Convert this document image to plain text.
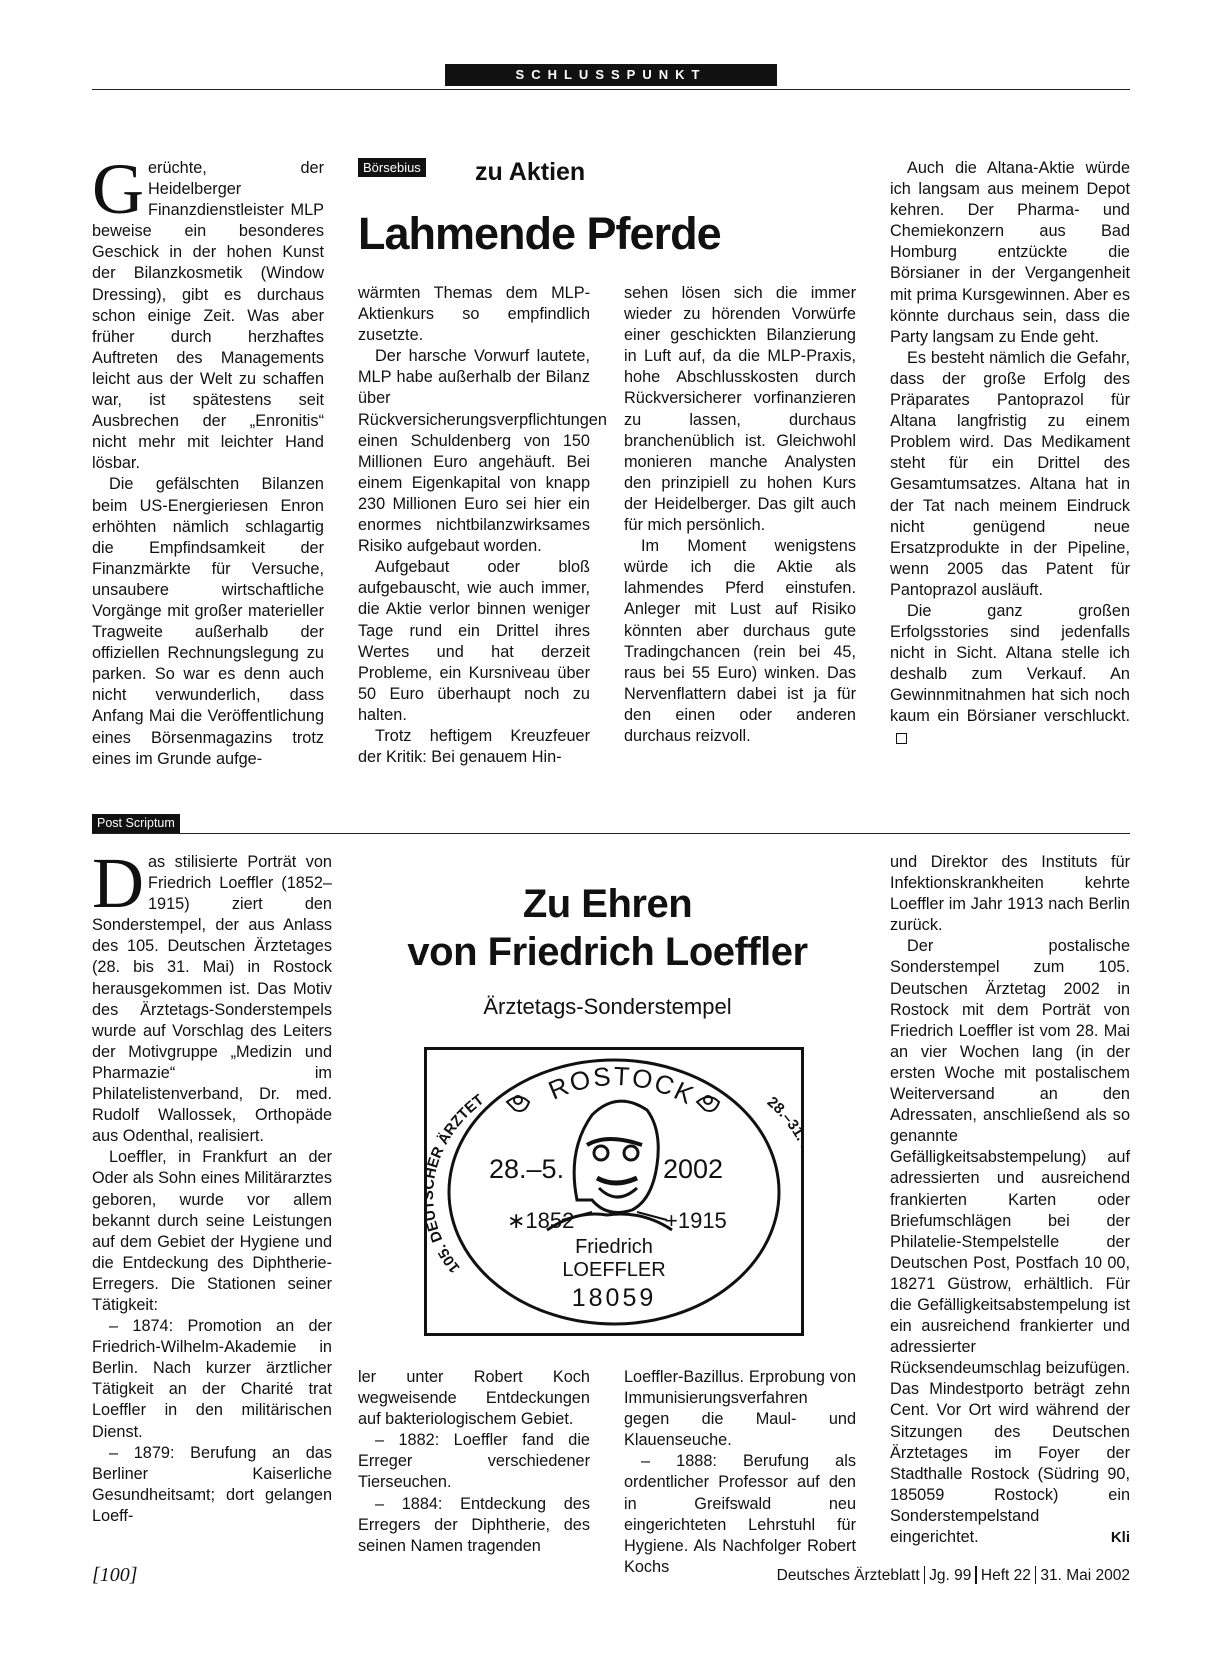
SCHLUSSPUNKT

Gerüchte, der Heidelberger Finanzdienstleister MLP beweise ein besonderes Geschick in der hohen Kunst der Bilanzkosmetik (Window Dressing), gibt es durchaus schon einige Zeit. Was aber früher durch herzhaftes Auftreten des Managements leicht aus der Welt zu schaffen war, ist spätestens seit Ausbrechen der „Enronitis“ nicht mehr mit leichter Hand lösbar.

Die gefälschten Bilanzen beim US-Energieriesen Enron erhöhten nämlich schlagartig die Empfindsamkeit der Finanzmärkte für Versuche, unsaubere wirtschaftliche Vorgänge mit großer materieller Tragweite außerhalb der offiziellen Rechnungslegung zu parken. So war es denn auch nicht verwunderlich, dass Anfang Mai die Veröffentlichung eines Börsenmagazins trotz eines im Grunde aufge-

Börsebius zu Aktien
Lahmende Pferde

wärmten Themas dem MLP-Aktienkurs so empfindlich zusetzte.

Der harsche Vorwurf lautete, MLP habe außerhalb der Bilanz über Rückversicherungsverpflichtungen einen Schuldenberg von 150 Millionen Euro angehäuft. Bei einem Eigenkapital von knapp 230 Millionen Euro sei hier ein enormes nichtbilanzwirksames Risiko aufgebaut worden.

Aufgebaut oder bloß aufgebauscht, wie auch immer, die Aktie verlor binnen weniger Tage rund ein Drittel ihres Wertes und hat derzeit Probleme, ein Kursniveau über 50 Euro überhaupt noch zu halten.

Trotz heftigem Kreuzfeuer der Kritik: Bei genauem Hin-

sehen lösen sich die immer wieder zu hörenden Vorwürfe einer geschickten Bilanzierung in Luft auf, da die MLP-Praxis, hohe Abschlusskosten durch Rückversicherer vorfinanzieren zu lassen, durchaus branchenüblich ist. Gleichwohl monieren manche Analysten den prinzipiell zu hohen Kurs der Heidelberger. Das gilt auch für mich persönlich.

Im Moment wenigstens würde ich die Aktie als lahmendes Pferd einstufen. Anleger mit Lust auf Risiko könnten aber durchaus gute Tradingchancen (rein bei 45, raus bei 55 Euro) winken. Das Nervenflattern dabei ist ja für den einen oder anderen durchaus reizvoll.

Auch die Altana-Aktie würde ich langsam aus meinem Depot kehren. Der Pharma- und Chemiekonzern aus Bad Homburg entzückte die Börsianer in der Vergangenheit mit prima Kursgewinnen. Aber es könnte durchaus sein, dass die Party langsam zu Ende geht.

Es besteht nämlich die Gefahr, dass der große Erfolg des Präparates Pantoprazol für Altana langfristig zu einem Problem wird. Das Medikament steht für ein Drittel des Gesamtumsatzes. Altana hat in der Tat nach meinem Eindruck nicht genügend neue Ersatzprodukte in der Pipeline, wenn 2005 das Patent für Pantoprazol ausläuft.

Die ganz großen Erfolgsstories sind jedenfalls nicht in Sicht. Altana stelle ich deshalb zum Verkauf. An Gewinnmitnahmen hat sich noch kaum ein Börsianer verschluckt.

Post Scriptum

Das stilisierte Porträt von Friedrich Loeffler (1852–1915) ziert den Sonderstempel, der aus Anlass des 105. Deutschen Ärztetages (28. bis 31. Mai) in Rostock herausgekommen ist. Das Motiv des Ärztetags-Sonderstempels wurde auf Vorschlag des Leiters der Motivgruppe „Medizin und Pharmazie“ im Philatelistenverband, Dr. med. Rudolf Wallossek, Orthopäde aus Odenthal, realisiert.

Loeffler, in Frankfurt an der Oder als Sohn eines Militärarztes geboren, wurde vor allem bekannt durch seine Leistungen auf dem Gebiet der Hygiene und die Entdeckung des Diphtherie-Erregers. Die Stationen seiner Tätigkeit:

– 1874: Promotion an der Friedrich-Wilhelm-Akademie in Berlin. Nach kurzer ärztlicher Tätigkeit an der Charité trat Loeffler in den militärischen Dienst.

– 1879: Berufung an das Berliner Kaiserliche Gesundheitsamt; dort gelangen Loeff-

Zu Ehren
von Friedrich Loeffler
Ärztetags-Sonderstempel
ROSTOCK
105. D R ÄRZTET	28.–3
28.–5.	2002
∗1852	+1915
Friedrich
LOEFFLER
18059

ler unter Robert Koch wegweisende Entdeckungen auf bakteriologischem Gebiet.

– 1882: Loeffler fand die Erreger verschiedener Tierseuchen.

– 1884: Entdeckung des Erregers der Diphtherie, des seinen Namen tragenden

Loeffler-Bazillus. Erprobung von Immunisierungsverfahren gegen die Maul- und Klauenseuche.

– 1888: Berufung als ordentlicher Professor auf den in Greifswald neu eingerichteten Lehrstuhl für Hygiene. Als Nachfolger Robert Kochs

und Direktor des Instituts für Infektionskrankheiten kehrte Loeffler im Jahr 1913 nach Berlin zurück.

Der postalische Sonderstempel zum 105. Deutschen Ärztetag 2002 in Rostock mit dem Porträt von Friedrich Loeffler ist vom 28. Mai an vier Wochen lang (in der ersten Woche mit postalischem Weiterversand an den Adressaten, anschließend als so genannte Gefälligkeitsabstempelung) auf adressierten und ausreichend frankierten Karten oder Briefumschlägen bei der Philatelie-Stempelstelle der Deutschen Post, Postfach 10 00, 18271 Güstrow, erhältlich. Für die Gefälligkeitsabstempelung ist ein ausreichend frankierter und adressierter Rücksendeumschlag beizufügen. Das Mindestporto beträgt zehn Cent. Vor Ort wird während der Sitzungen des Deutschen Ärztetages im Foyer der Stadthalle Rostock (Südring 90, 185059 Rostock) ein Sonderstempelstand eingerichtet.	Kli

[100]	Deutsches Ärzteblatt Jg. 99 Heft 22 31. Mai 2002
